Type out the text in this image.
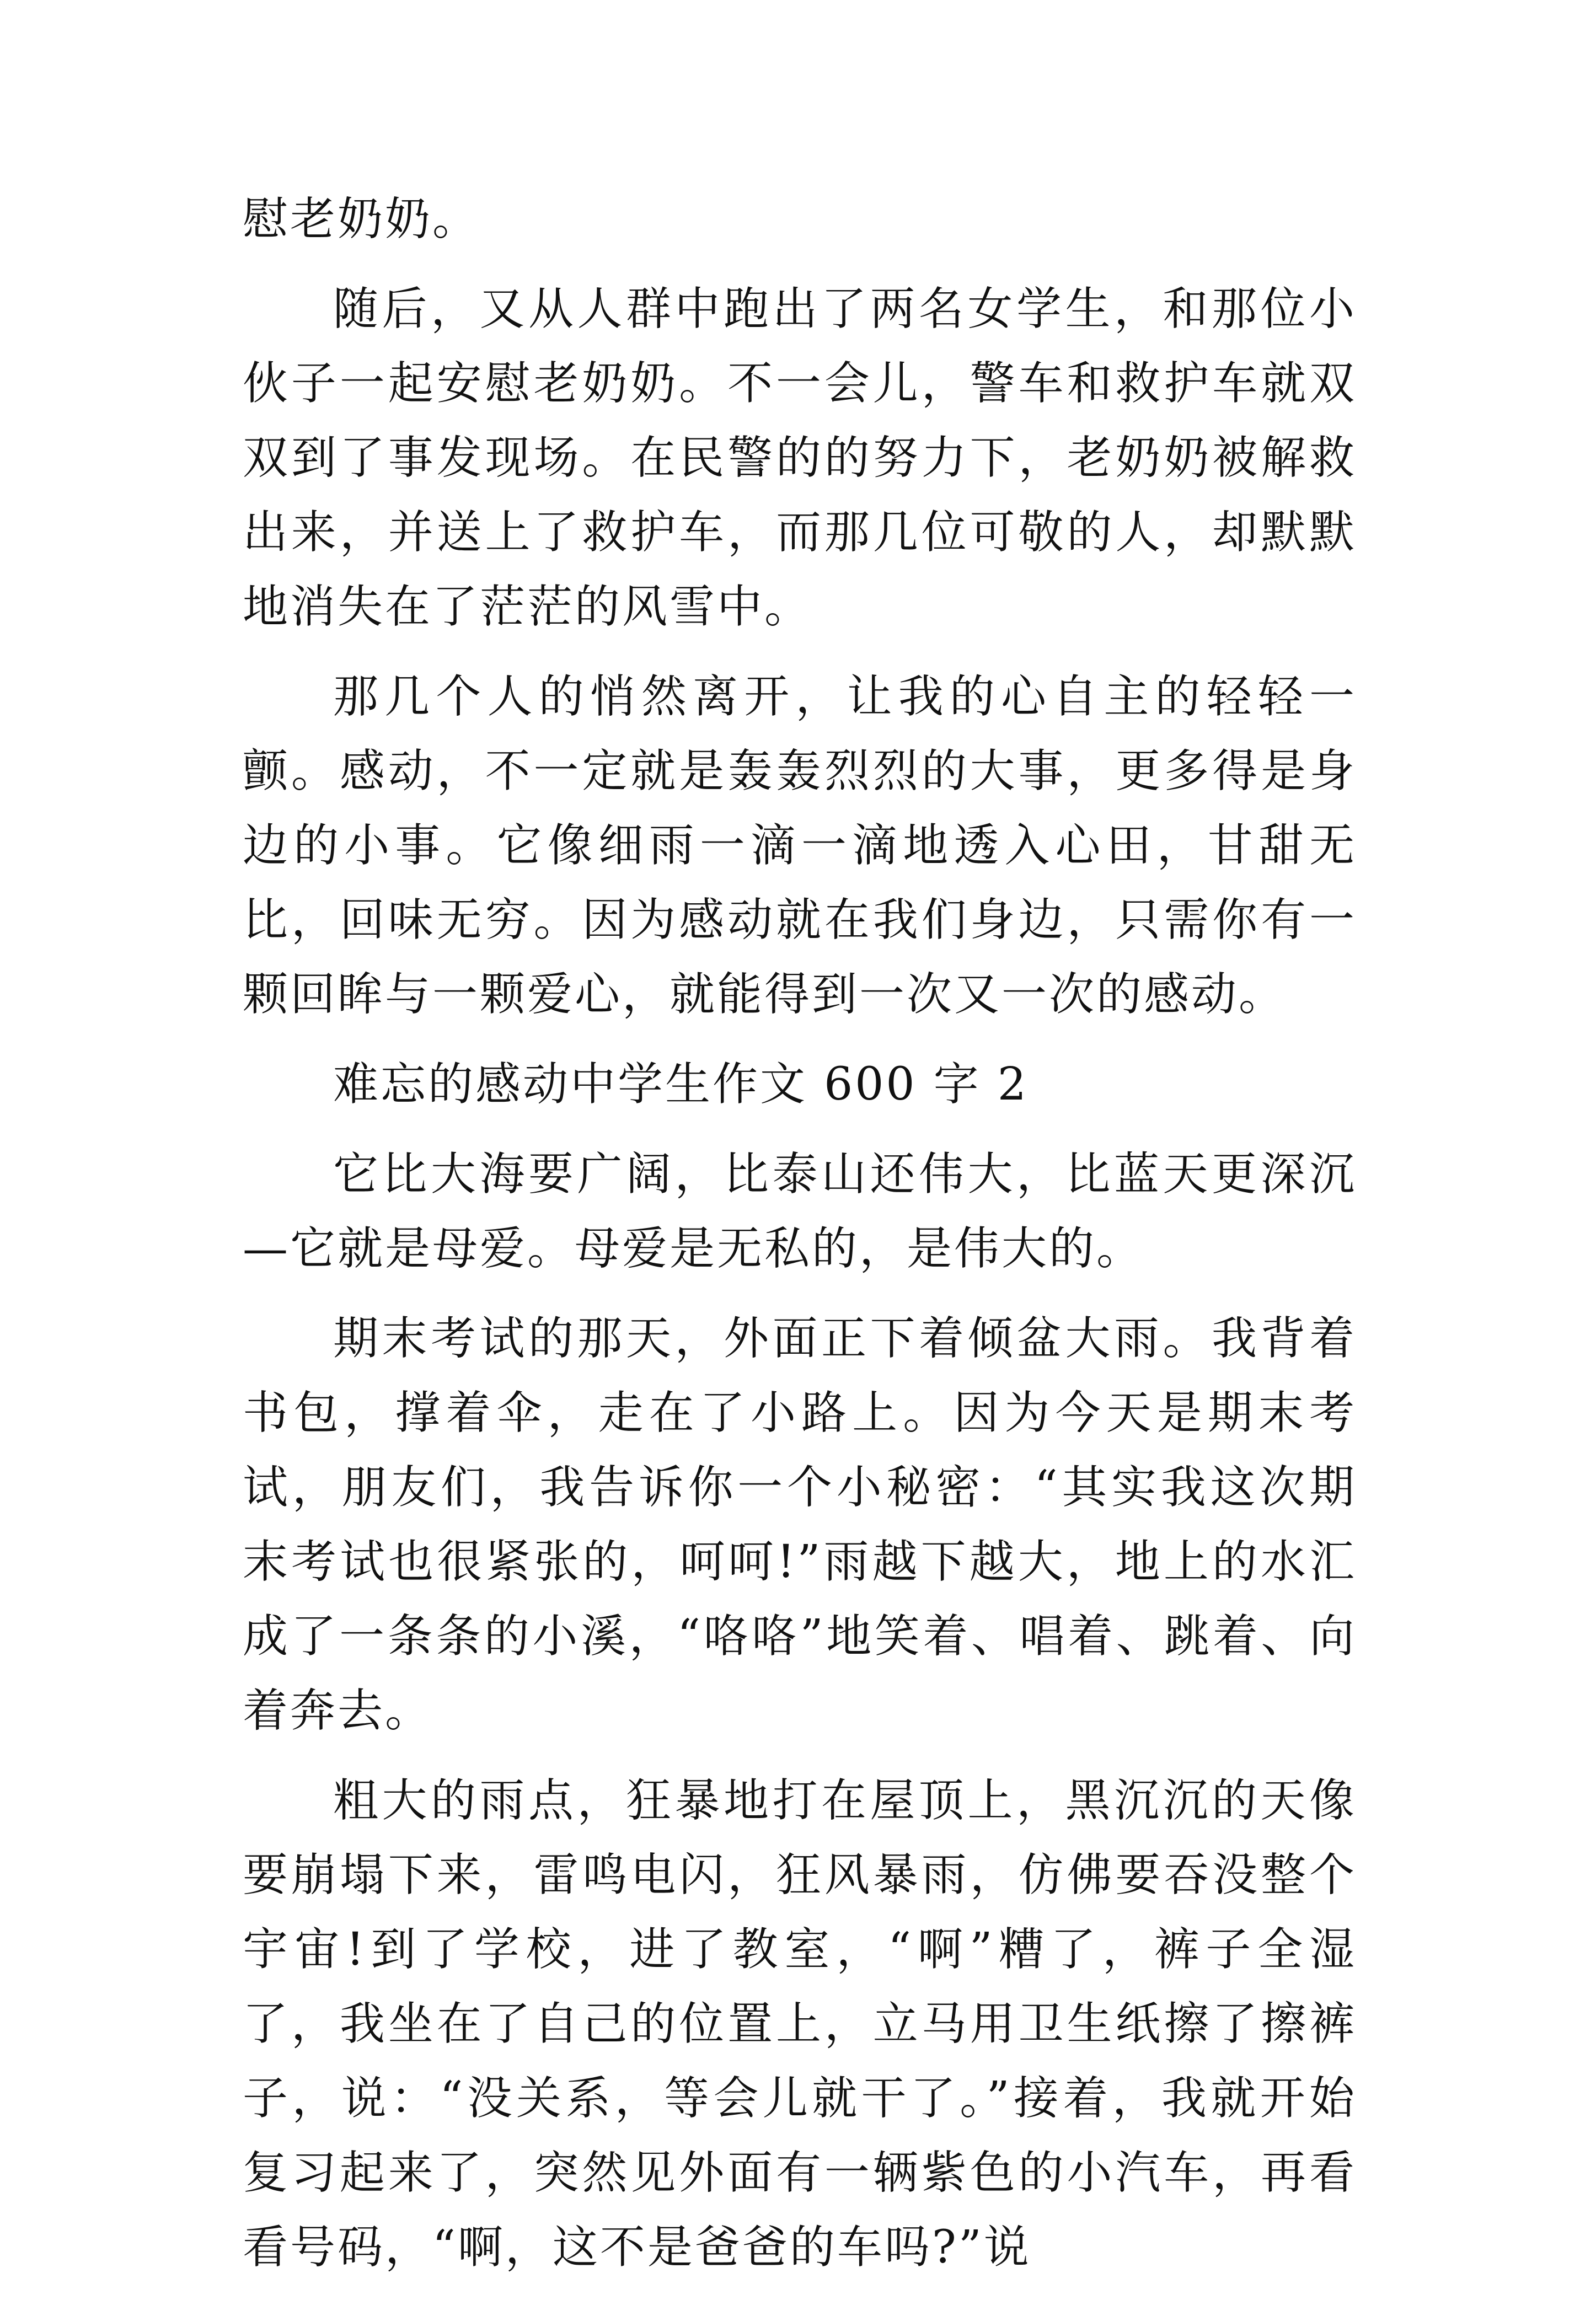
慰老奶奶。

随后，又从人群中跑出了两名女学生，和那位小伙子一起安慰老奶奶。不一会儿，警车和救护车就双双到了事发现场。在民警的的努力下，老奶奶被解救出来，并送上了救护车，而那几位可敬的人，却默默地消失在了茫茫的风雪中。

那几个人的悄然离开，让我的心自主的轻轻一颤。感动，不一定就是轰轰烈烈的大事，更多得是身边的小事。它像细雨一滴一滴地透入心田，甘甜无比，回味无穷。因为感动就在我们身边，只需你有一颗回眸与一颗爱心，就能得到一次又一次的感动。

难忘的感动中学生作文 600 字 2

它比大海要广阔，比泰山还伟大，比蓝天更深沉—它就是母爱。母爱是无私的，是伟大的。

期末考试的那天，外面正下着倾盆大雨。我背着书包，撑着伞，走在了小路上。因为今天是期末考试，朋友们，我告诉你一个小秘密：“其实我这次期末考试也很紧张的，呵呵!”雨越下越大，地上的水汇成了一条条的小溪，“咯咯”地笑着、唱着、跳着、向着奔去。

粗大的雨点，狂暴地打在屋顶上，黑沉沉的天像要崩塌下来，雷鸣电闪，狂风暴雨，仿佛要吞没整个宇宙!到了学校，进了教室，“啊”糟了，裤子全湿了，我坐在了自己的位置上，立马用卫生纸擦了擦裤子，说：“没关系，等会儿就干了。”接着，我就开始复习起来了，突然见外面有一辆紫色的小汽车，再看看号码，“啊，这不是爸爸的车吗?”说
